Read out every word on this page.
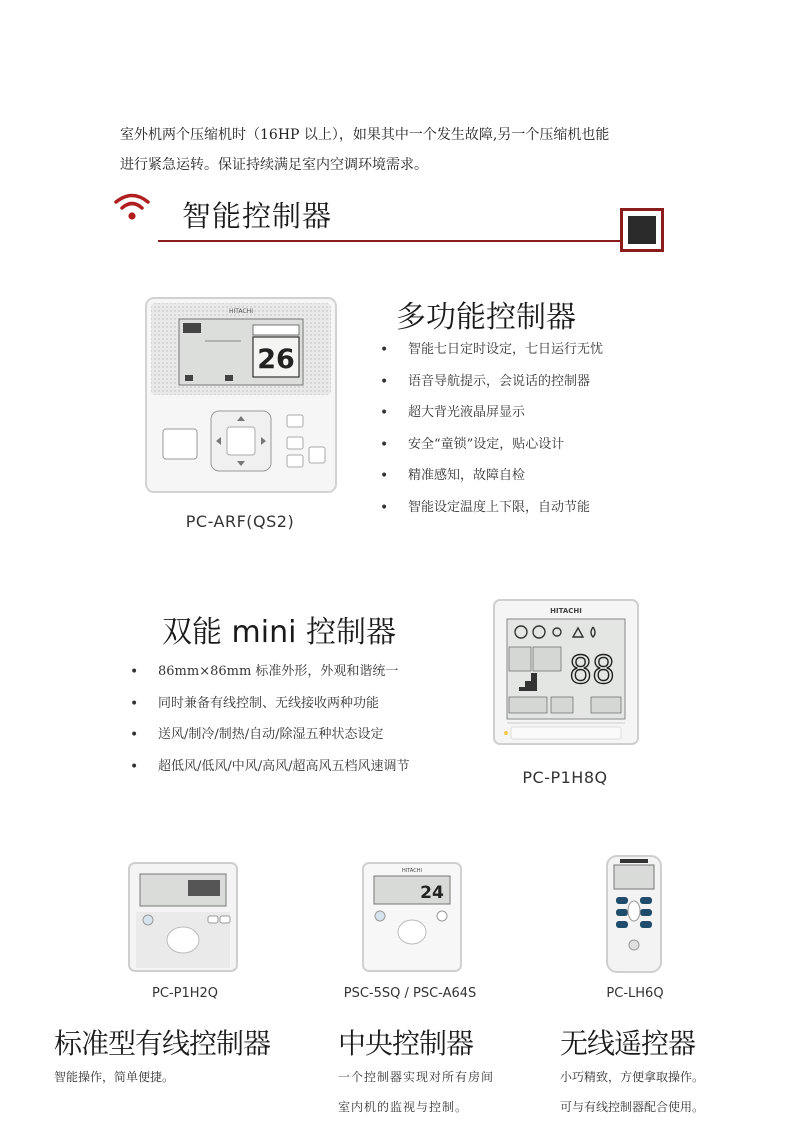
室外机两个压缩机时（16HP 以上），如果其中一个发生故障,另一个压缩机也能
进行紧急运转。保证持续满足室内空调环境需求。
智能控制器
HITACHI
26
PC-ARF(QS2)
多功能控制器
• 智能七日定时设定，七日运行无忧
• 语音导航提示，会说话的控制器
• 超大背光液晶屏显示
• 安全“童锁”设定，贴心设计
• 精准感知，故障自检
• 智能设定温度上下限，自动节能
双能 mini 控制器
• 86mm×86mm 标准外形，外观和谐统一
• 同时兼备有线控制、无线接收两种功能
• 送风/制冷/制热/自动/除湿五种状态设定
• 超低风/低风/中风/高风/超高风五档风速调节
HITACHI
88
PC-P1H8Q
PC-P1H2Q
HITACHI
24
PSC-5SQ / PSC-A64S	PC-LH6Q
标准型有线控制器
智能操作，简单便捷。
中央控制器
一个控制器实现对所有房间
室内机的监视与控制。
无线遥控器
小巧精致，方便拿取操作。
可与有线控制器配合使用。
